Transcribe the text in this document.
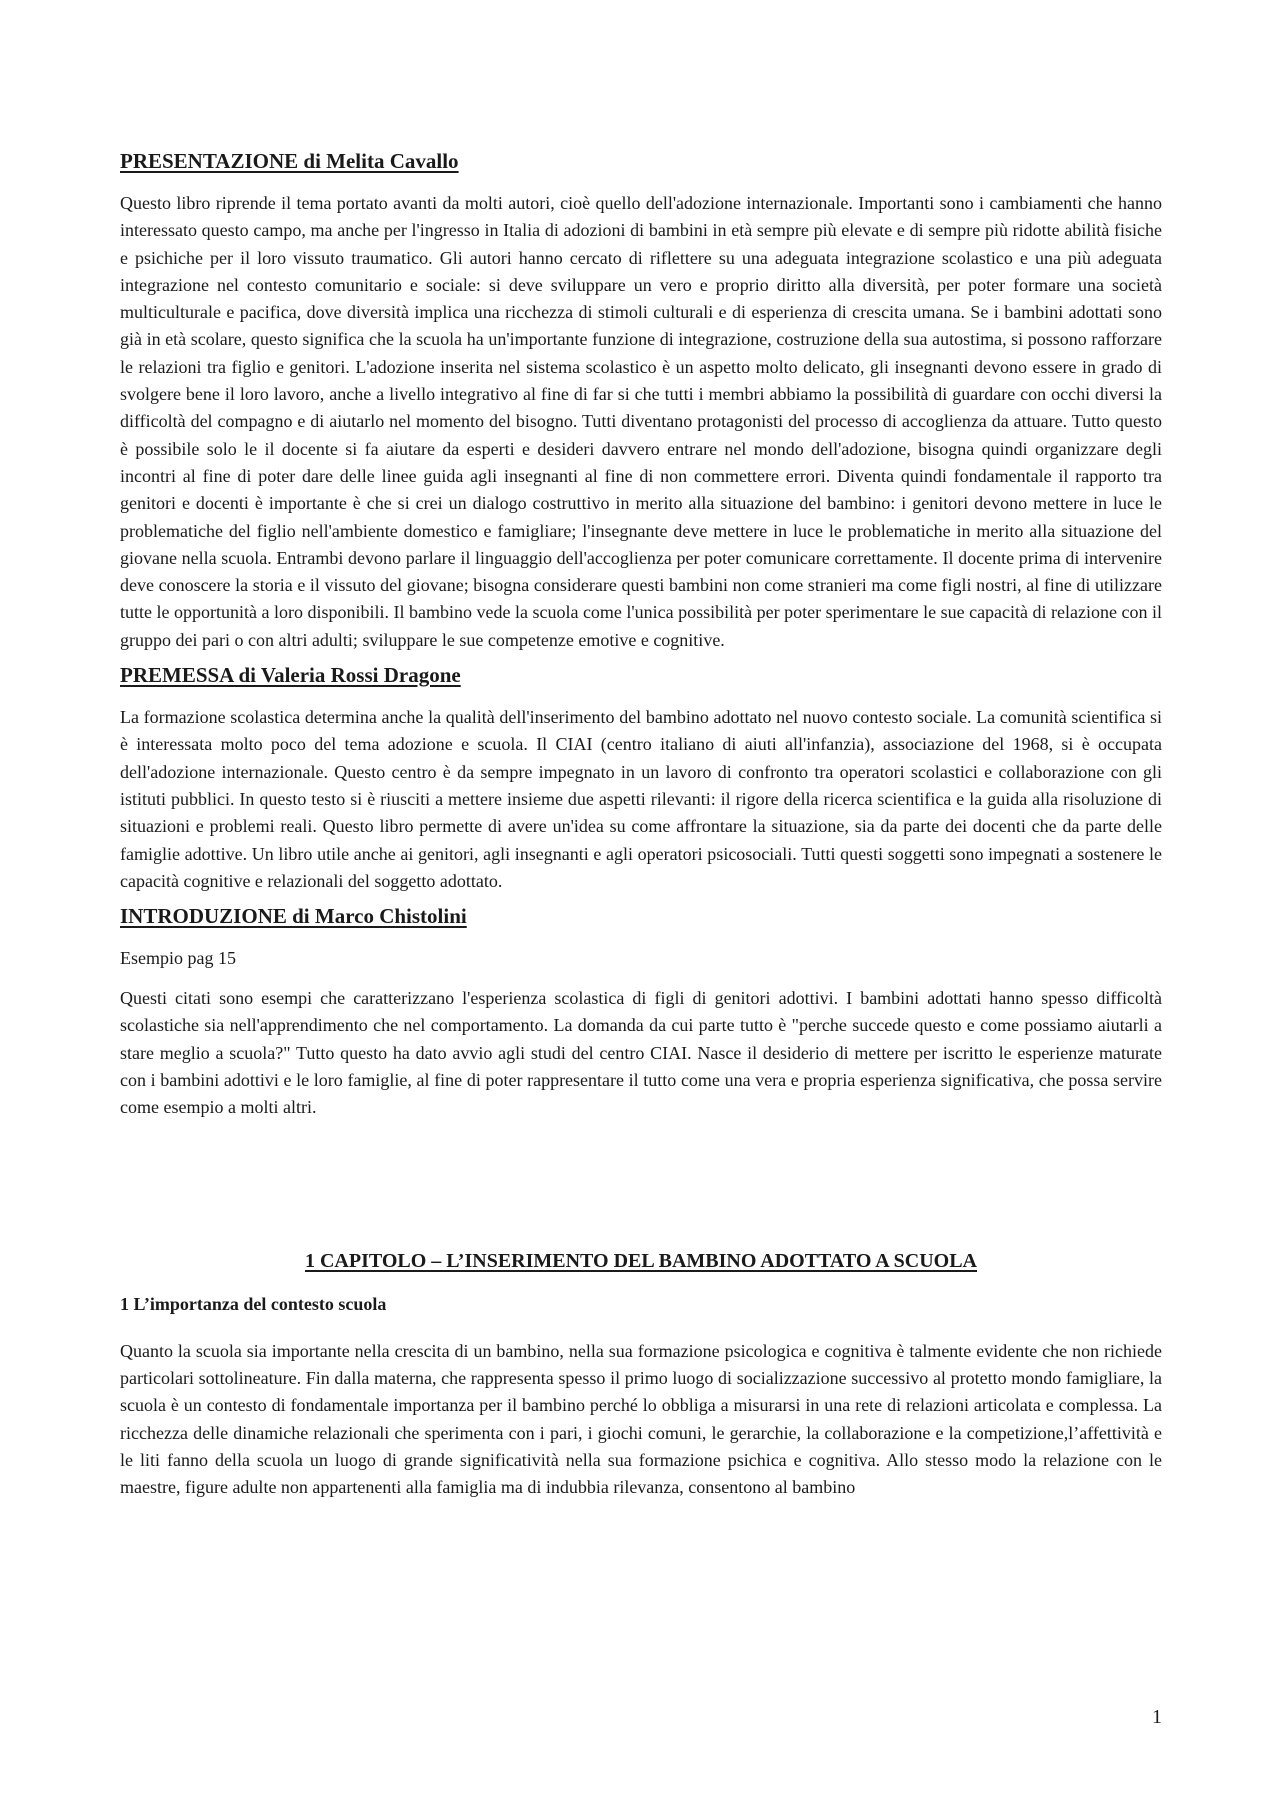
PRESENTAZIONE di Melita Cavallo

Questo libro riprende il tema portato avanti da molti autori, cioè quello dell'adozione internazionale. Importanti sono i cambiamenti che hanno interessato questo campo, ma anche per l'ingresso in Italia di adozioni di bambini in età sempre più elevate e di sempre più ridotte abilità fisiche e psichiche per il loro vissuto traumatico. Gli autori hanno cercato di riflettere su una adeguata integrazione scolastico e una più adeguata integrazione nel contesto comunitario e sociale: si deve sviluppare un vero e proprio diritto alla diversità, per poter formare una società multiculturale e pacifica, dove diversità implica una ricchezza di stimoli culturali e di esperienza di crescita umana. Se i bambini adottati sono già in età scolare, questo significa che la scuola ha un'importante funzione di integrazione, costruzione della sua autostima, si possono rafforzare le relazioni tra figlio e genitori. L'adozione inserita nel sistema scolastico è un aspetto molto delicato, gli insegnanti devono essere in grado di svolgere bene il loro lavoro, anche a livello integrativo al fine di far si che tutti i membri abbiamo la possibilità di guardare con occhi diversi la difficoltà del compagno e di aiutarlo nel momento del bisogno. Tutti diventano protagonisti del processo di accoglienza da attuare. Tutto questo è possibile solo le il docente si fa aiutare da esperti e desideri davvero entrare nel mondo dell'adozione, bisogna quindi organizzare degli incontri al fine di poter dare delle linee guida agli insegnanti al fine di non commettere errori. Diventa quindi fondamentale il rapporto tra genitori e docenti è importante è che si crei un dialogo costruttivo in merito alla situazione del bambino: i genitori devono mettere in luce le problematiche del figlio nell'ambiente domestico e famigliare; l'insegnante deve mettere in luce le problematiche in merito alla situazione del giovane nella scuola. Entrambi devono parlare il linguaggio dell'accoglienza per poter comunicare correttamente. Il docente prima di intervenire deve conoscere la storia e il vissuto del giovane; bisogna considerare questi bambini non come stranieri ma come figli nostri, al fine di utilizzare tutte le opportunità a loro disponibili. Il bambino vede la scuola come l'unica possibilità per poter sperimentare le sue capacità di relazione con il gruppo dei pari o con altri adulti; sviluppare le sue competenze emotive e cognitive.

PREMESSA di Valeria Rossi Dragone

La formazione scolastica determina anche la qualità dell'inserimento del bambino adottato nel nuovo contesto sociale. La comunità scientifica si è interessata molto poco del tema adozione e scuola. Il CIAI (centro italiano di aiuti all'infanzia), associazione del 1968, si è occupata dell'adozione internazionale. Questo centro è da sempre impegnato in un lavoro di confronto tra operatori scolastici e collaborazione con gli istituti pubblici. In questo testo si è riusciti a mettere insieme due aspetti rilevanti: il rigore della ricerca scientifica e la guida alla risoluzione di situazioni e problemi reali. Questo libro permette di avere un'idea su come affrontare la situazione, sia da parte dei docenti che da parte delle famiglie adottive. Un libro utile anche ai genitori, agli insegnanti e agli operatori psicosociali. Tutti questi soggetti sono impegnati a sostenere le capacità cognitive e relazionali del soggetto adottato.

INTRODUZIONE di Marco Chistolini

Esempio pag 15

Questi citati sono esempi che caratterizzano l'esperienza scolastica di figli di genitori adottivi. I bambini adottati hanno spesso difficoltà scolastiche sia nell'apprendimento che nel comportamento. La domanda da cui parte tutto è "perche succede questo e come possiamo aiutarli a stare meglio a scuola?" Tutto questo ha dato avvio agli studi del centro CIAI. Nasce il desiderio di mettere per iscritto le esperienze maturate con i bambini adottivi e le loro famiglie, al fine di poter rappresentare il tutto come una vera e propria esperienza significativa, che possa servire come esempio a molti altri.

1 CAPITOLO – L’INSERIMENTO DEL BAMBINO ADOTTATO A SCUOLA
1 L’importanza del contesto scuola

Quanto la scuola sia importante nella crescita di un bambino, nella sua formazione psicologica e cognitiva è talmente evidente che non richiede particolari sottolineature. Fin dalla materna, che rappresenta spesso il primo luogo di socializzazione successivo al protetto mondo famigliare, la scuola è un contesto di fondamentale importanza per il bambino perché lo obbliga a misurarsi in una rete di relazioni articolata e complessa. La ricchezza delle dinamiche relazionali che sperimenta con i pari, i giochi comuni, le gerarchie, la collaborazione e la competizione,l’affettività e le liti fanno della scuola un luogo di grande significatività nella sua formazione psichica e cognitiva. Allo stesso modo la relazione con le maestre, figure adulte non appartenenti alla famiglia ma di indubbia rilevanza, consentono al bambino

1
